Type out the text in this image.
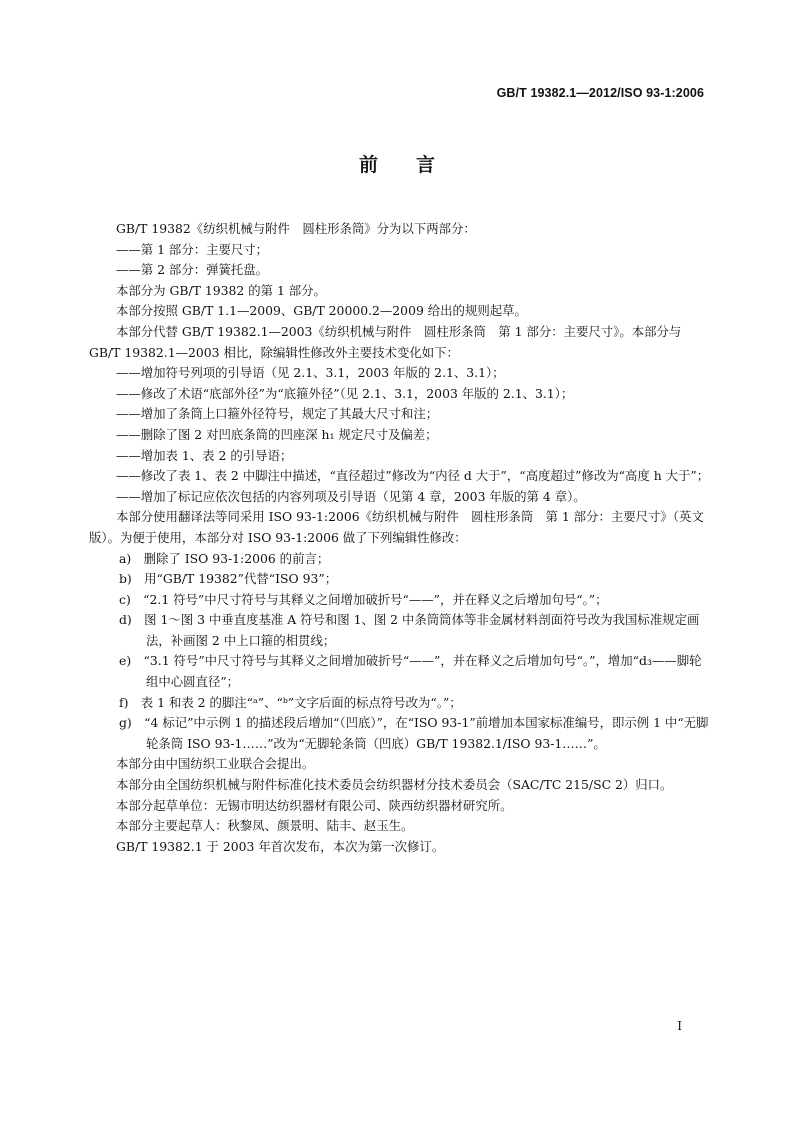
GB/T 19382.1—2012/ISO 93-1:2006
前　　言

GB/T 19382《纺织机械与附件　圆柱形条筒》分为以下两部分：

——第 1 部分：主要尺寸；

——第 2 部分：弹簧托盘。

本部分为 GB/T 19382 的第 1 部分。

本部分按照 GB/T 1.1—2009、GB/T 20000.2—2009 给出的规则起草。

本部分代替 GB/T 19382.1—2003《纺织机械与附件　圆柱形条筒　第 1 部分：主要尺寸》。本部分与 GB/T 19382.1—2003 相比，除编辑性修改外主要技术变化如下：

——增加符号列项的引导语（见 2.1、3.1，2003 年版的 2.1、3.1）；

——修改了术语“底部外径”为“底箍外径”（见 2.1、3.1，2003 年版的 2.1、3.1）；

——增加了条筒上口箍外径符号，规定了其最大尺寸和注；

——删除了图 2 对凹底条筒的凹座深 h₁ 规定尺寸及偏差；

——增加表 1、表 2 的引导语；

——修改了表 1、表 2 中脚注中描述，“直径超过”修改为“内径 d 大于”，“高度超过”修改为“高度 h 大于”；

——增加了标记应依次包括的内容列项及引导语（见第 4 章，2003 年版的第 4 章）。

本部分使用翻译法等同采用 ISO 93-1:2006《纺织机械与附件　圆柱形条筒　第 1 部分：主要尺寸》（英文版）。为便于使用，本部分对 ISO 93-1:2006 做了下列编辑性修改：

a)　删除了 ISO 93-1:2006 的前言；

b)　用“GB/T 19382”代替“ISO 93”；

c)　“2.1 符号”中尺寸符号与其释义之间增加破折号“——”，并在释义之后增加句号“。”；

d)　图 1～图 3 中垂直度基准 A 符号和图 1、图 2 中条筒筒体等非金属材料剖面符号改为我国标准规定画法，补画图 2 中上口箍的相贯线；

e)　“3.1 符号”中尺寸符号与其释义之间增加破折号“——”，并在释义之后增加句号“。”，增加“d₃——脚轮组中心圆直径”；

f)　表 1 和表 2 的脚注“ᵃ”、“ᵇ”文字后面的标点符号改为“。”；

g)　“4 标记”中示例 1 的描述段后增加“（凹底）”，在“ISO 93-1”前增加本国家标准编号，即示例 1 中“无脚轮条筒 ISO 93-1……”改为“无脚轮条筒（凹底）GB/T 19382.1/ISO 93-1……”。

本部分由中国纺织工业联合会提出。

本部分由全国纺织机械与附件标准化技术委员会纺织器材分技术委员会（SAC/TC 215/SC 2）归口。

本部分起草单位：无锡市明达纺织器材有限公司、陕西纺织器材研究所。

本部分主要起草人：秋黎凤、颜景明、陆丰、赵玉生。

GB/T 19382.1 于 2003 年首次发布，本次为第一次修订。

I
